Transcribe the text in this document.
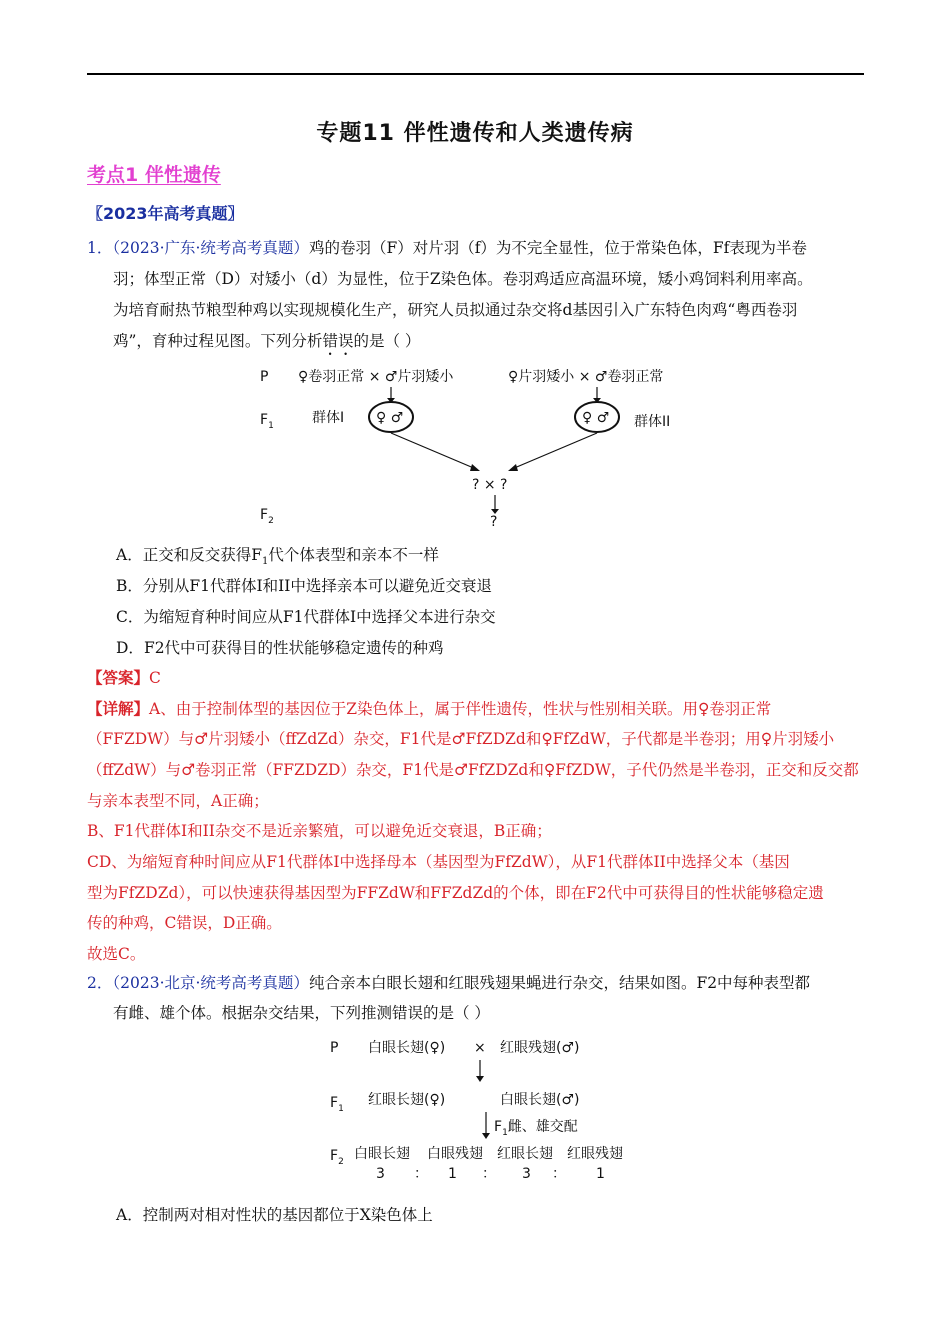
专题11 伴性遗传和人类遗传病
考点1 伴性遗传
〖2023年高考真题〗

1．（2023·广东·统考高考真题）鸡的卷羽（F）对片羽（f）为不完全显性，位于常染色体，Ff表现为半卷

羽；体型正常（D）对矮小（d）为显性，位于Z染色体。卷羽鸡适应高温环境，矮小鸡饲料利用率高。

为培育耐热节粮型种鸡以实现规模化生产，研究人员拟通过杂交将d基因引入广东特色肉鸡“粤西卷羽

鸡”，育种过程见图。下列分析错误的是（ ）

P ♀卷羽正常 × ♂片羽矮小	♀片羽矮小 × ♂卷羽正常
$F_1$	群体I ♀ ♂	♀ ♂ 群体II
? × ?
?
$F_2$
A．正交和反交获得$F_1$代个体表型和亲本不一样
B．分别从F1代群体I和II中选择亲本可以避免近交衰退
C．为缩短育种时间应从F1代群体I中选择父本进行杂交
D．F2代中可获得目的性状能够稳定遗传的种鸡

【答案】C

【详解】A、由于控制体型的基因位于Z染色体上，属于伴性遗传，性状与性别相关联。用♀卷羽正常

（FFZDW）与♂片羽矮小（ffZdZd）杂交，F1代是♂FfZDZd和♀FfZdW，子代都是半卷羽；用♀片羽矮小

（ffZdW）与♂卷羽正常（FFZDZD）杂交，F1代是♂FfZDZd和♀FfZDW，子代仍然是半卷羽，正交和反交都

与亲本表型不同，A正确；

B、F1代群体I和II杂交不是近亲繁殖，可以避免近交衰退，B正确；

CD、为缩短育种时间应从F1代群体I中选择母本（基因型为FfZdW），从F1代群体II中选择父本（基因

型为FfZDZd），可以快速获得基因型为FFZdW和FFZdZd的个体，即在F2代中可获得目的性状能够稳定遗

传的种鸡，C错误，D正确。

故选C。

2．（2023·北京·统考高考真题）纯合亲本白眼长翅和红眼残翅果蝇进行杂交，结果如图。F2中每种表型都

有雌、雄个体。根据杂交结果，下列推测错误的是（ ）

P 白眼长翅(♀) × 红眼残翅(♂)
$F_1$
红眼长翅(♀)	白眼长翅(♂)
$F_1$雌、雄交配
$F_2$ 白眼长翅 白眼残翅 红眼长翅 红眼残翅
3 ： 1 ： 3 ： 1
A．控制两对相对性状的基因都位于X染色体上
